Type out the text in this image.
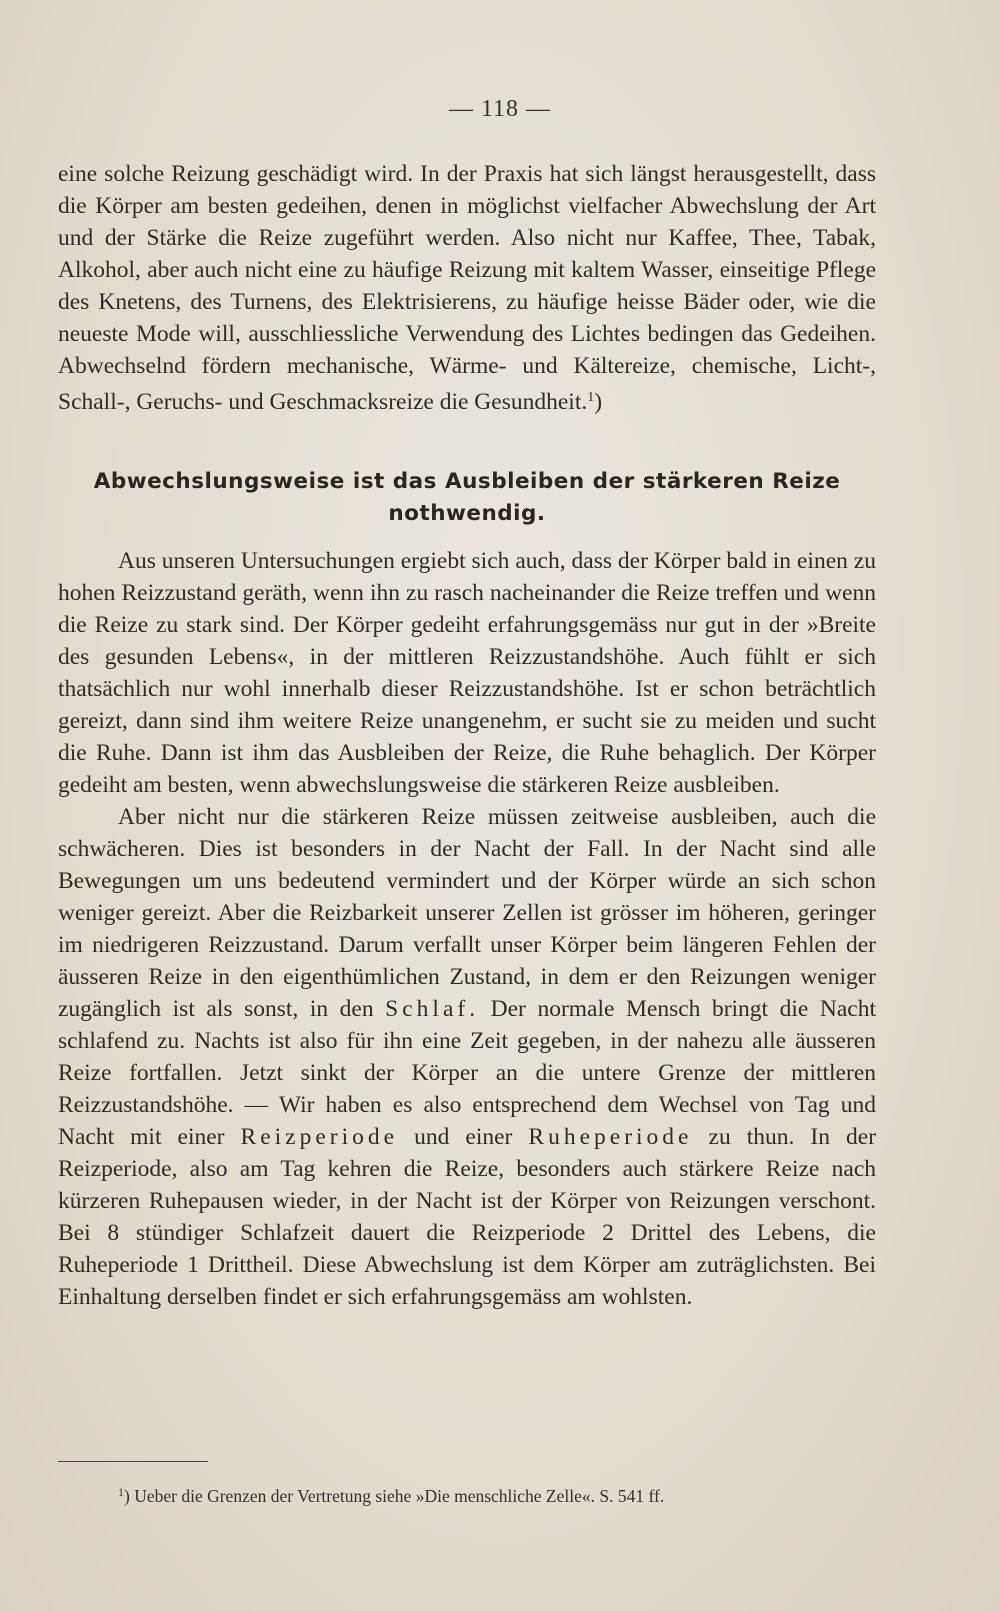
— 118 —

eine solche Reizung geschädigt wird. In der Praxis hat sich längst herausgestellt, dass die Körper am besten gedeihen, denen in möglichst vielfacher Abwechslung der Art und der Stärke die Reize zugeführt werden. Also nicht nur Kaffee, Thee, Tabak, Alkohol, aber auch nicht eine zu häufige Reizung mit kaltem Wasser, einseitige Pflege des Knetens, des Turnens, des Elektrisierens, zu häufige heisse Bäder oder, wie die neueste Mode will, ausschliessliche Verwendung des Lichtes bedingen das Gedeihen. Abwechselnd fördern mechanische, Wärme- und Kältereize, chemische, Licht-, Schall-, Geruchs- und Geschmacksreize die Gesundheit.$^1$)

Abwechslungsweise ist das Ausbleiben der stärkeren Reize nothwendig.

Aus unseren Untersuchungen ergiebt sich auch, dass der Körper bald in einen zu hohen Reizzustand geräth, wenn ihn zu rasch nacheinander die Reize treffen und wenn die Reize zu stark sind. Der Körper gedeiht erfahrungsgemäss nur gut in der »Breite des gesunden Lebens«, in der mittleren Reizzustandshöhe. Auch fühlt er sich thatsächlich nur wohl innerhalb dieser Reizzustandshöhe. Ist er schon beträchtlich gereizt, dann sind ihm weitere Reize unangenehm, er sucht sie zu meiden und sucht die Ruhe. Dann ist ihm das Ausbleiben der Reize, die Ruhe behaglich. Der Körper gedeiht am besten, wenn abwechslungsweise die stärkeren Reize ausbleiben.

Aber nicht nur die stärkeren Reize müssen zeitweise ausbleiben, auch die schwächeren. Dies ist besonders in der Nacht der Fall. In der Nacht sind alle Bewegungen um uns bedeutend vermindert und der Körper würde an sich schon weniger gereizt. Aber die Reizbarkeit unserer Zellen ist grösser im höheren, geringer im niedrigeren Reizzustand. Darum verfallt unser Körper beim längeren Fehlen der äusseren Reize in den eigenthümlichen Zustand, in dem er den Reizungen weniger zugänglich ist als sonst, in den Schlaf. Der normale Mensch bringt die Nacht schlafend zu. Nachts ist also für ihn eine Zeit gegeben, in der nahezu alle äusseren Reize fortfallen. Jetzt sinkt der Körper an die untere Grenze der mittleren Reizzustandshöhe. — Wir haben es also entsprechend dem Wechsel von Tag und Nacht mit einer Reizperiode und einer Ruheperiode zu thun. In der Reizperiode, also am Tag kehren die Reize, besonders auch stärkere Reize nach kürzeren Ruhepausen wieder, in der Nacht ist der Körper von Reizungen verschont. Bei 8 stündiger Schlafzeit dauert die Reizperiode 2 Drittel des Lebens, die Ruheperiode 1 Drittheil. Diese Abwechslung ist dem Körper am zuträglichsten. Bei Einhaltung derselben findet er sich erfahrungsgemäss am wohlsten.

$^1$) Ueber die Grenzen der Vertretung siehe »Die menschliche Zelle«. S. 541 ff.
